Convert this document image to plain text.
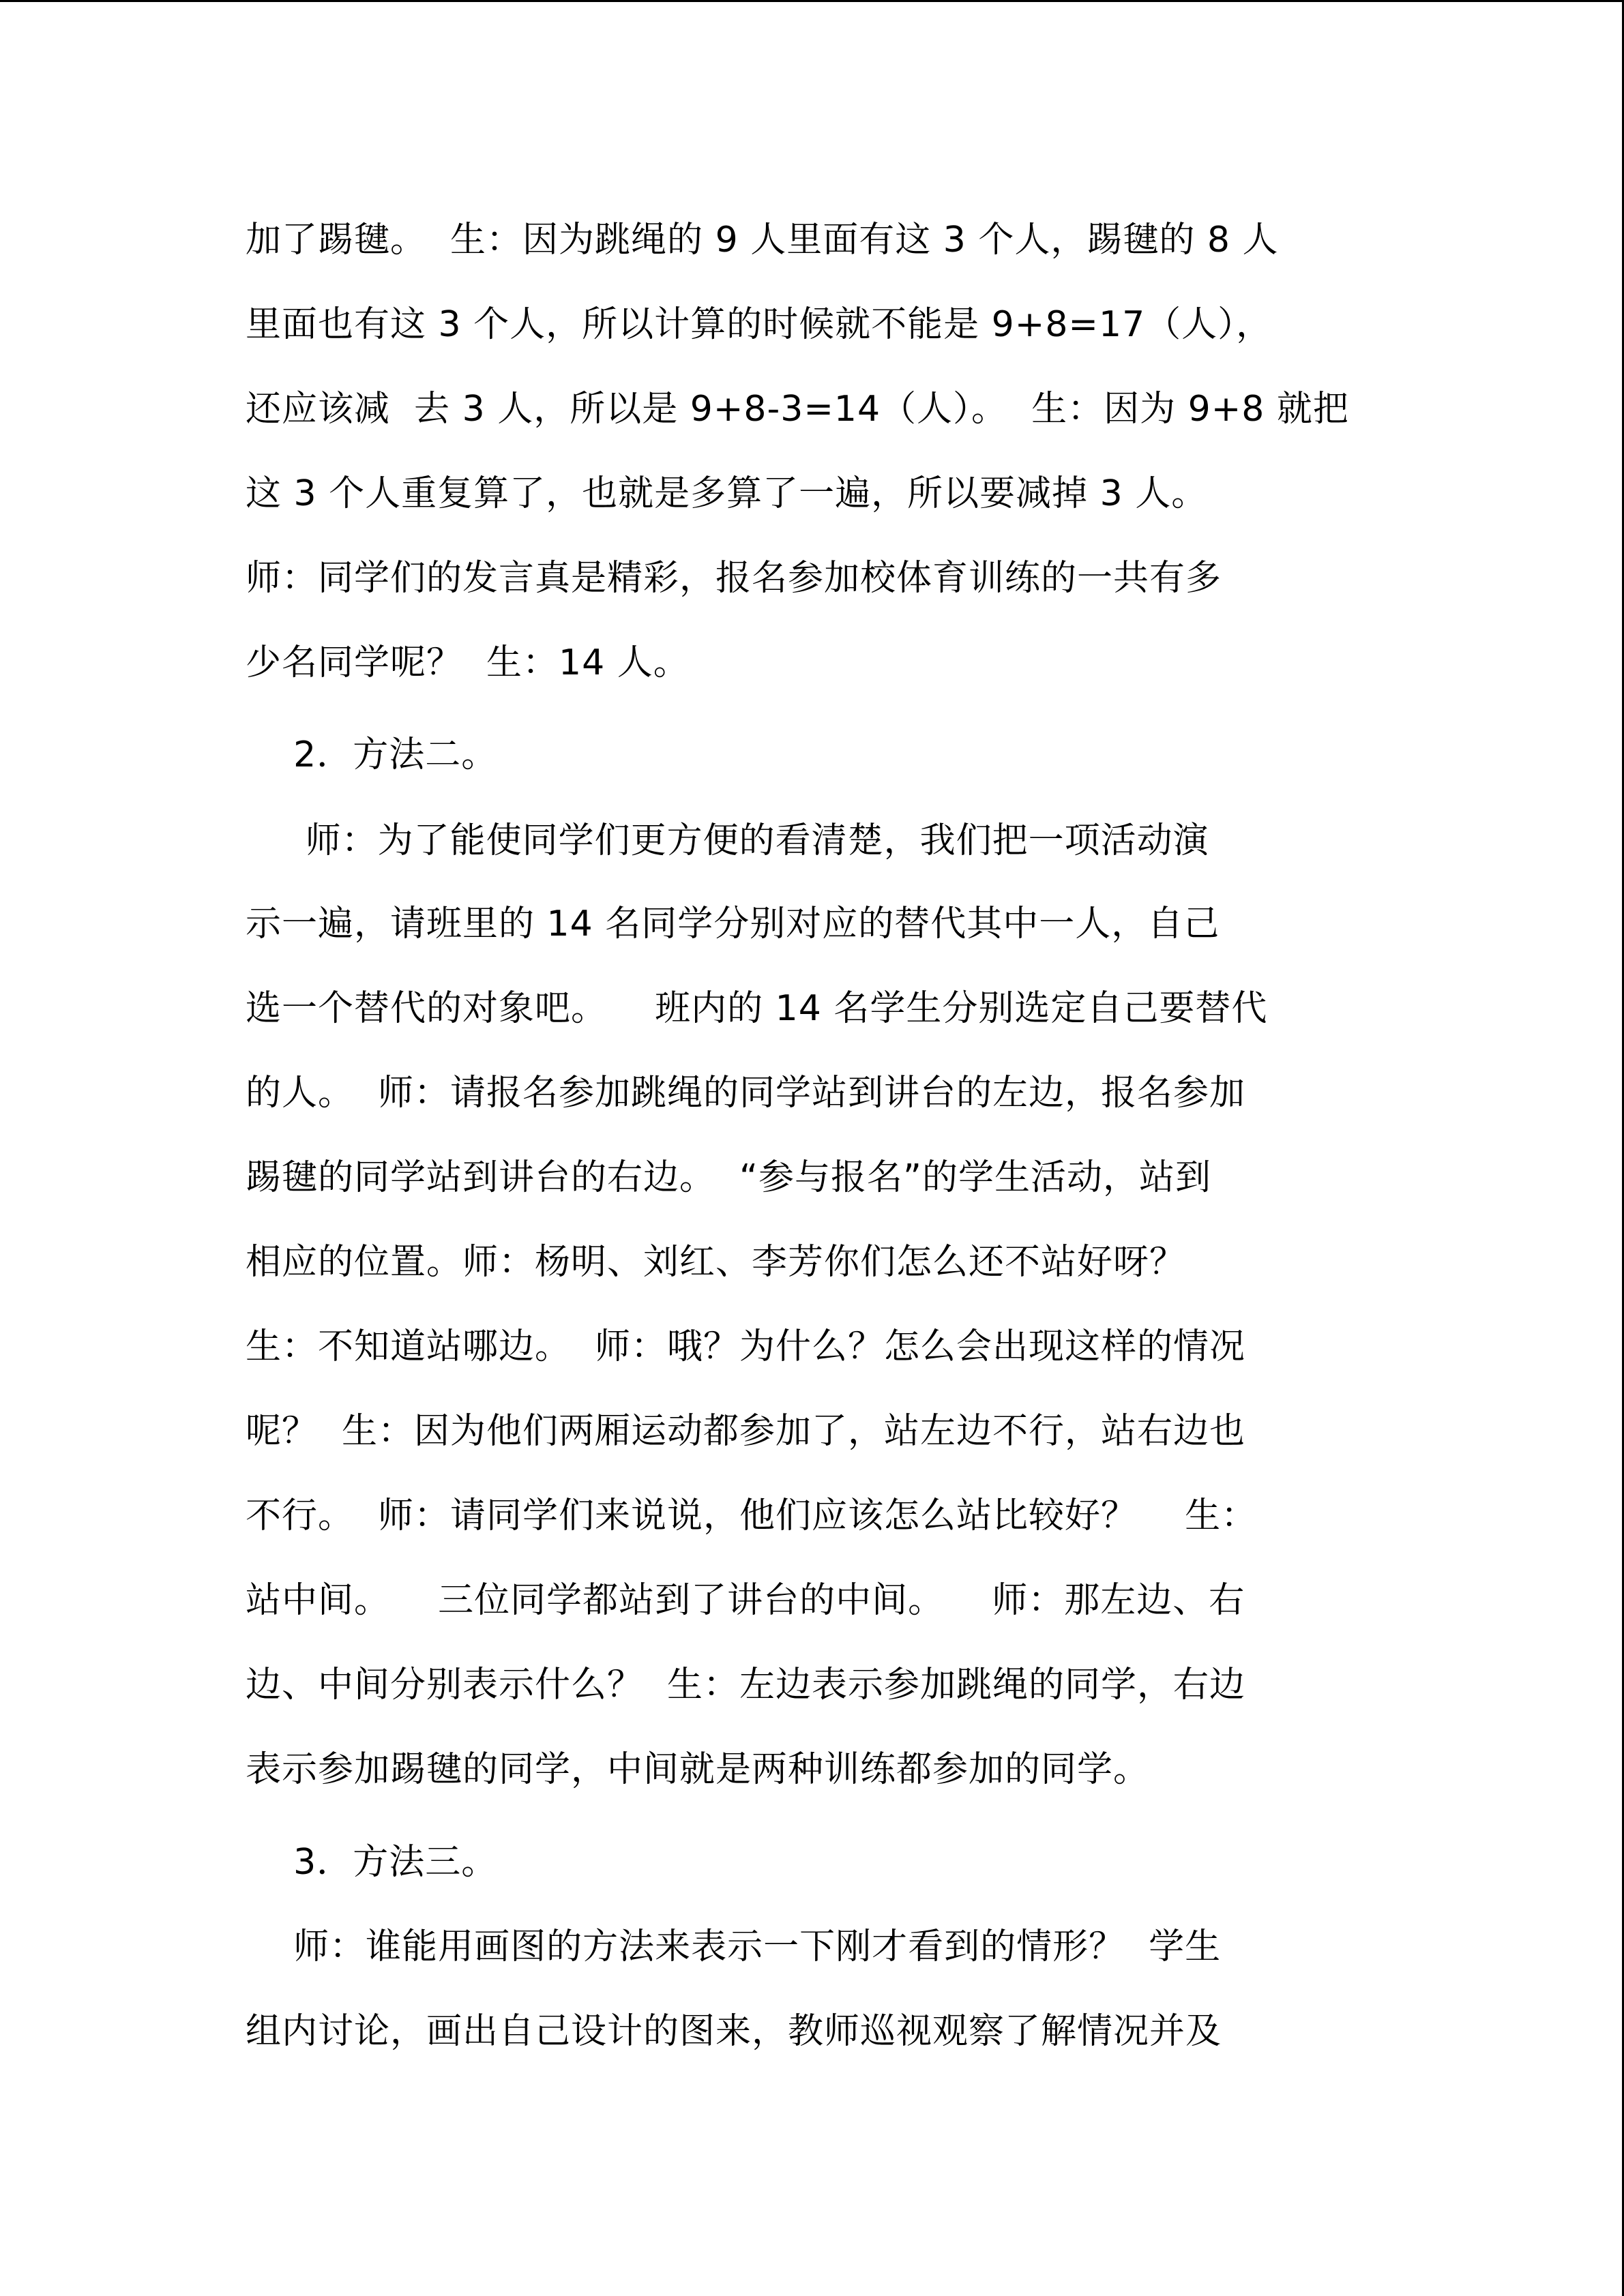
加了踢毽。  生：因为跳绳的 9 人里面有这 3 个人，踢毽的 8 人
里面也有这 3 个人，所以计算的时候就不能是 9+8=17（人），
还应该减  去 3 人，所以是 9+8-3=14（人）。  生：因为 9+8 就把
这 3 个人重复算了，也就是多算了一遍，所以要减掉 3 人。
师：同学们的发言真是精彩，报名参加校体育训练的一共有多
少名同学呢？  生：14 人。
2．方法二。
师：为了能使同学们更方便的看清楚，我们把一项活动演
示一遍，请班里的 14 名同学分别对应的替代其中一人，自己
选一个替代的对象吧。    班内的 14 名学生分别选定自己要替代
的人。  师：请报名参加跳绳的同学站到讲台的左边，报名参加
踢毽的同学站到讲台的右边。  “参与报名”的学生活动，站到
相应的位置。师：杨明、刘红、李芳你们怎么还不站好呀？
生：不知道站哪边。  师：哦？为什么？怎么会出现这样的情况
呢？  生：因为他们两厢运动都参加了，站左边不行，站右边也
不行。  师：请同学们来说说，他们应该怎么站比较好？    生：
站中间。    三位同学都站到了讲台的中间。    师：那左边、右
边、中间分别表示什么？  生：左边表示参加跳绳的同学，右边
表示参加踢毽的同学，中间就是两种训练都参加的同学。
3．方法三。
师：谁能用画图的方法来表示一下刚才看到的情形？  学生
组内讨论，画出自己设计的图来，教师巡视观察了解情况并及
